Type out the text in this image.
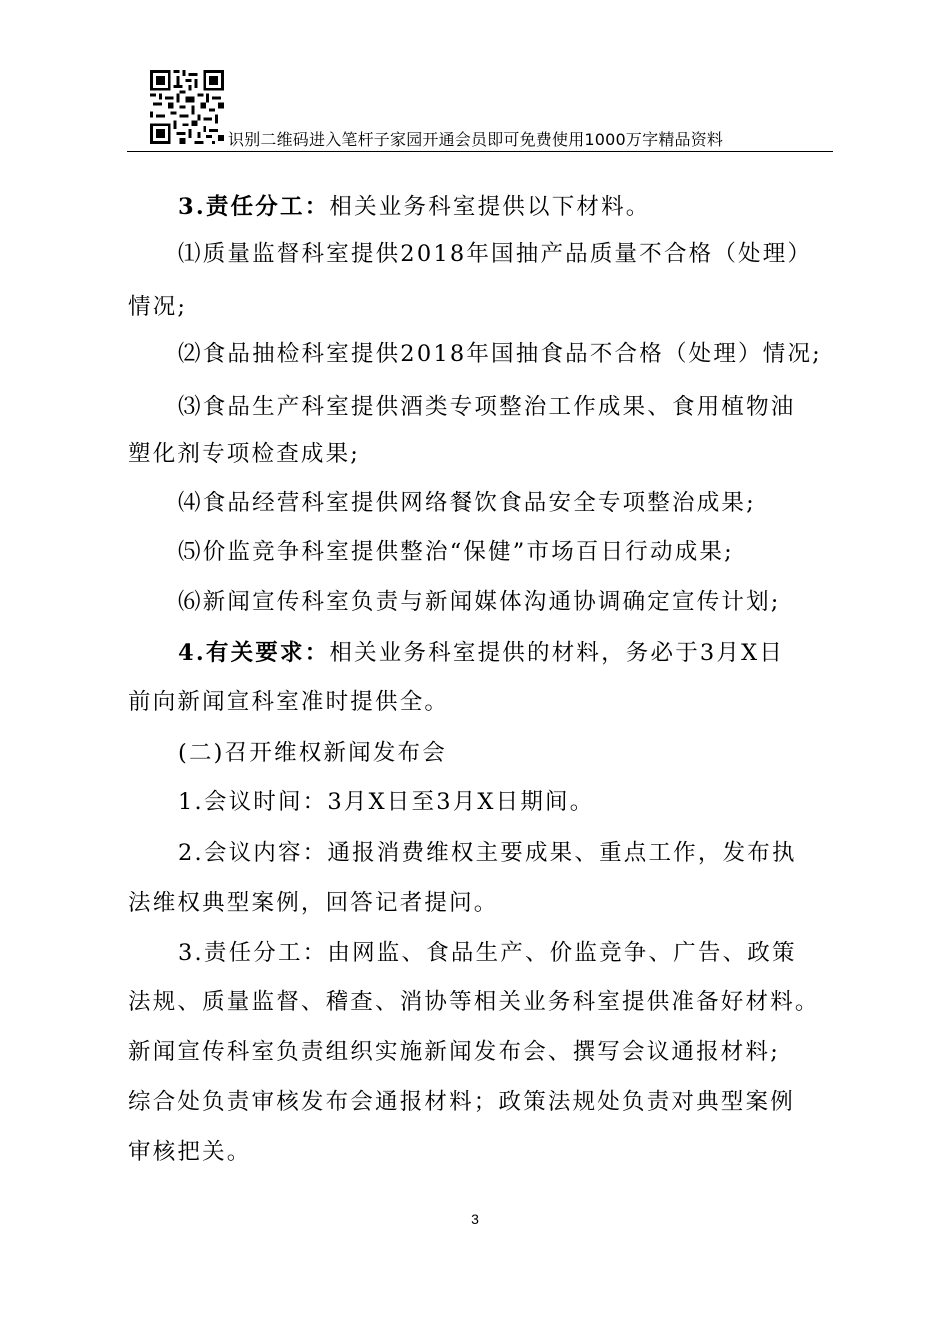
识别二维码进入笔杆子家园开通会员即可免费使用1000万字精品资料
3.责任分工：相关业务科室提供以下材料。
⑴质量监督科室提供2018年国抽产品质量不合格（处理）
情况;
⑵食品抽检科室提供2018年国抽食品不合格（处理）情况;
⑶食品生产科室提供酒类专项整治工作成果、食用植物油
塑化剂专项检查成果;
⑷食品经营科室提供网络餐饮食品安全专项整治成果;
⑸价监竞争科室提供整治“保健”市场百日行动成果;
⑹新闻宣传科室负责与新闻媒体沟通协调确定宣传计划;
4.有关要求：相关业务科室提供的材料，务必于3月X日
前向新闻宣科室准时提供全。
(二)召开维权新闻发布会
1.会议时间：3月X日至3月X日期间。
2.会议内容：通报消费维权主要成果、重点工作，发布执
法维权典型案例，回答记者提问。
3.责任分工：由网监、食品生产、价监竞争、广告、政策
法规、质量监督、稽查、消协等相关业务科室提供准备好材料。
新闻宣传科室负责组织实施新闻发布会、撰写会议通报材料;
综合处负责审核发布会通报材料；政策法规处负责对典型案例
审核把关。
3
